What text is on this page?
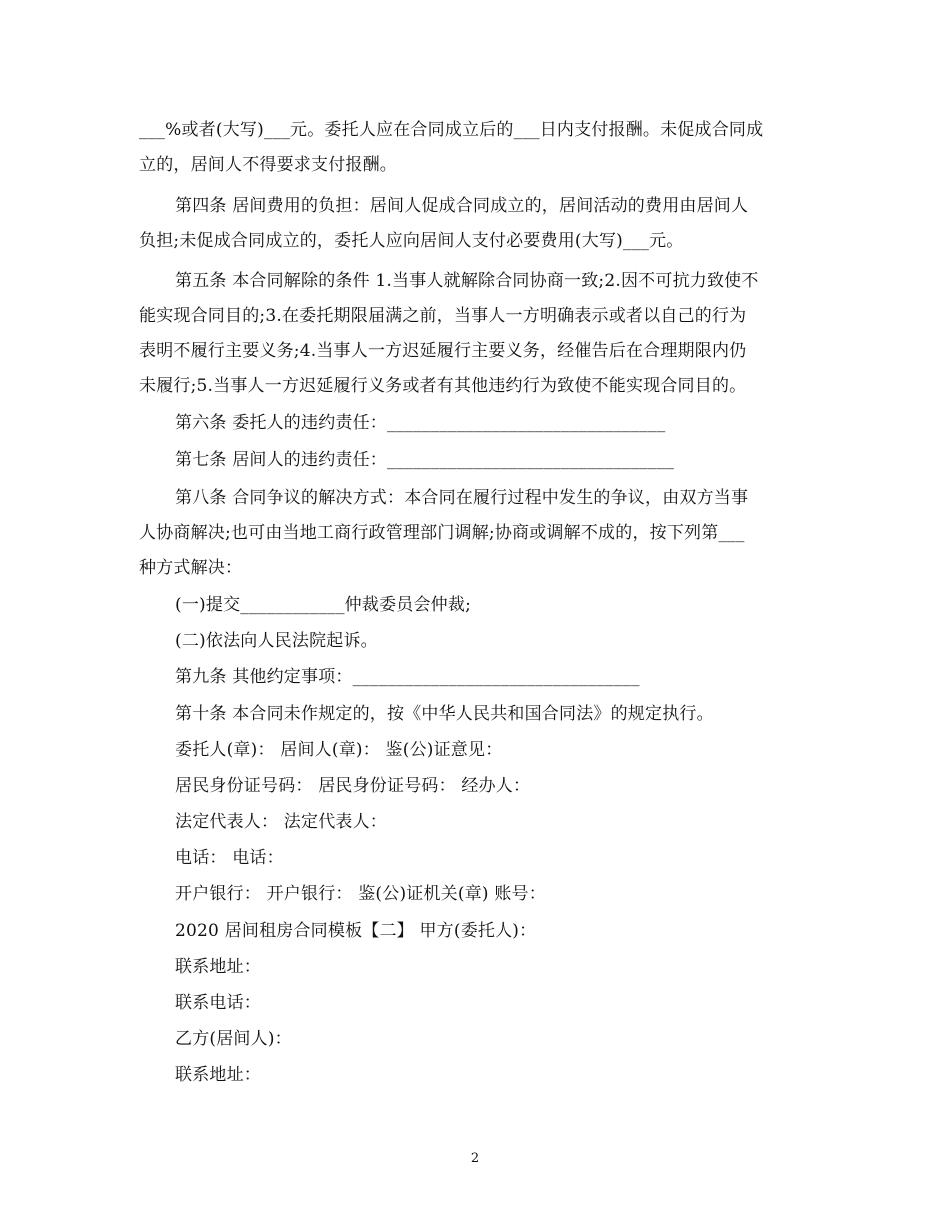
___%或者(大写)___元。委托人应在合同成立后的___日内支付报酬。未促成合同成
立的，居间人不得要求支付报酬。
第四条 居间费用的负担：居间人促成合同成立的，居间活动的费用由居间人
负担;未促成合同成立的，委托人应向居间人支付必要费用(大写)___元。
第五条 本合同解除的条件 1.当事人就解除合同协商一致;2.因不可抗力致使不
能实现合同目的;3.在委托期限届满之前，当事人一方明确表示或者以自己的行为
表明不履行主要义务;4.当事人一方迟延履行主要义务，经催告后在合理期限内仍
未履行;5.当事人一方迟延履行义务或者有其他违约行为致使不能实现合同目的。
第六条 委托人的违约责任：________________________________
第七条 居间人的违约责任：_________________________________
第八条 合同争议的解决方式：本合同在履行过程中发生的争议，由双方当事
人协商解决;也可由当地工商行政管理部门调解;协商或调解不成的，按下列第___
种方式解决：
(一)提交____________仲裁委员会仲裁;
(二)依法向人民法院起诉。
第九条 其他约定事项：_________________________________
第十条 本合同未作规定的，按《中华人民共和国合同法》的规定执行。
委托人(章)： 居间人(章)： 鉴(公)证意见：
居民身份证号码： 居民身份证号码： 经办人：
法定代表人： 法定代表人：
电话： 电话：
开户银行： 开户银行： 鉴(公)证机关(章) 账号：
2020 居间租房合同模板【二】 甲方(委托人)：
联系地址：
联系电话：
乙方(居间人)：
联系地址：
2
